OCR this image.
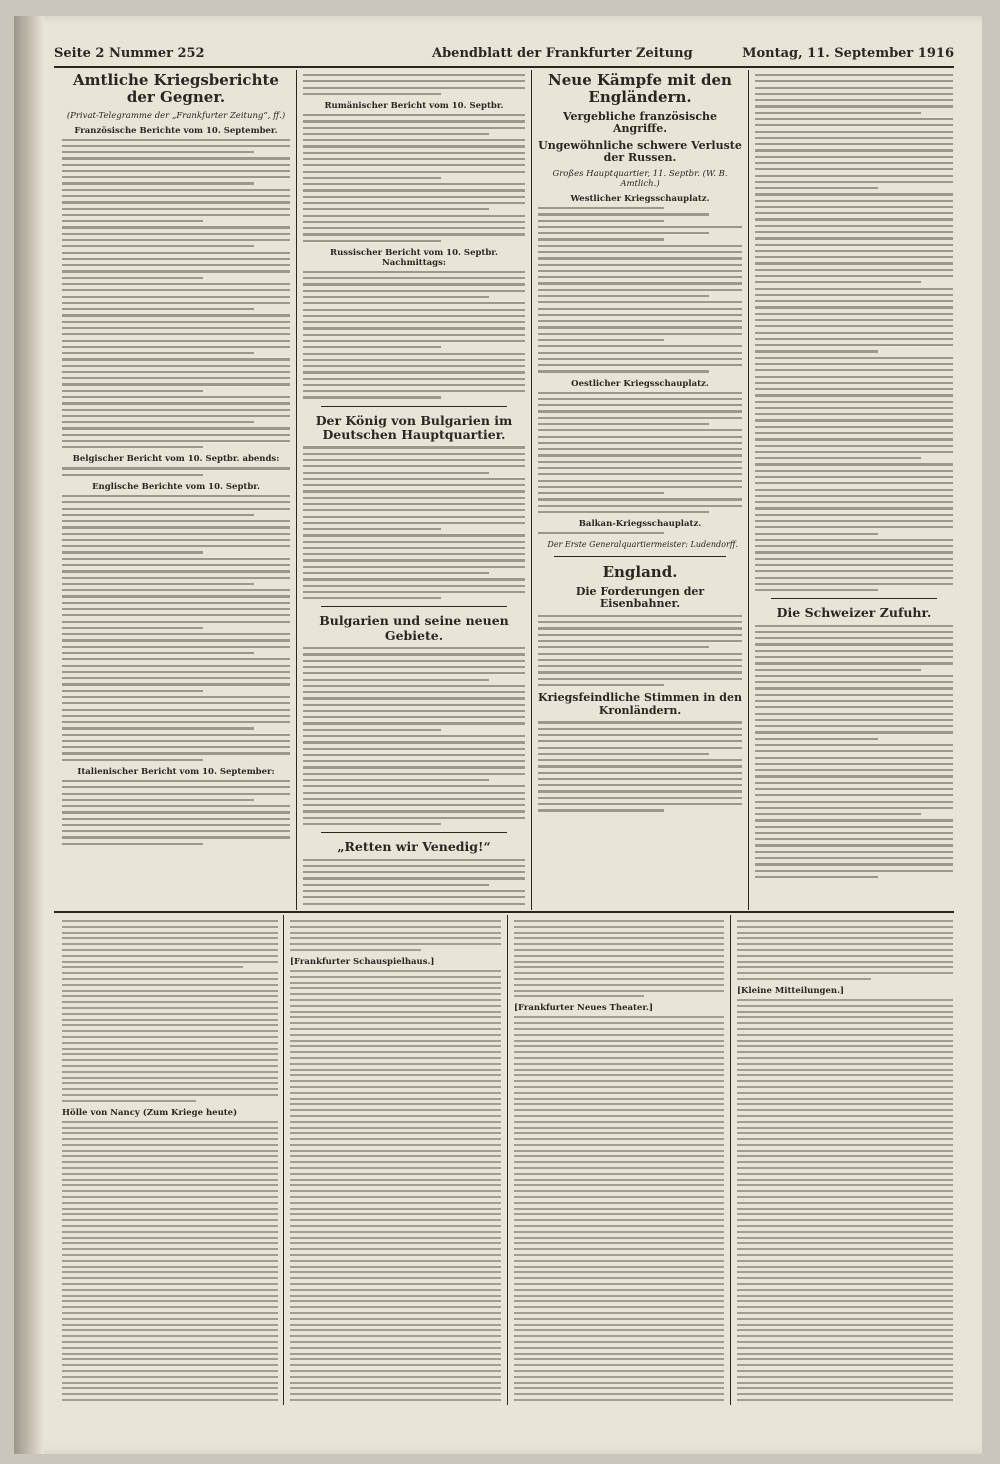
Seite 2 Nummer 252	Abendblatt der Frankfurter Zeitung	Montag, 11. September 1916
Amtliche Kriegsberichte der Gegner.
(Privat-Telegramme der „Frankfurter Zeitung“, ff.)
Französische Berichte vom 10. September.
Belgischer Bericht vom 10. Septbr. abends:
Englische Berichte vom 10. Septbr.
Italienischer Bericht vom 10. September:
Rumänischer Bericht vom 10. Septbr.
Russischer Bericht vom 10. Septbr. Nachmittags:
Der König von Bulgarien im Deutschen Hauptquartier.
Bulgarien und seine neuen Gebiete.
„Retten wir Venedig!“
Neue Kämpfe mit den Engländern.
Vergebliche französische Angriffe.
Ungewöhnliche schwere Verluste der Russen.
Großes Hauptquartier, 11. Septbr. (W. B. Amtlich.)
Westlicher Kriegsschauplatz.
Oestlicher Kriegsschauplatz.
Balkan-Kriegsschauplatz.
Der Erste Generalquartiermeister: Ludendorff.
England.
Die Forderungen der Eisenbahner.
Kriegsfeindliche Stimmen in den Kronländern.
Die Schweizer Zufuhr.
Hölle von Nancy (Zum Kriege heute)
[Frankfurter Schauspielhaus.]
[Frankfurter Neues Theater.]
[Kleine Mitteilungen.]
